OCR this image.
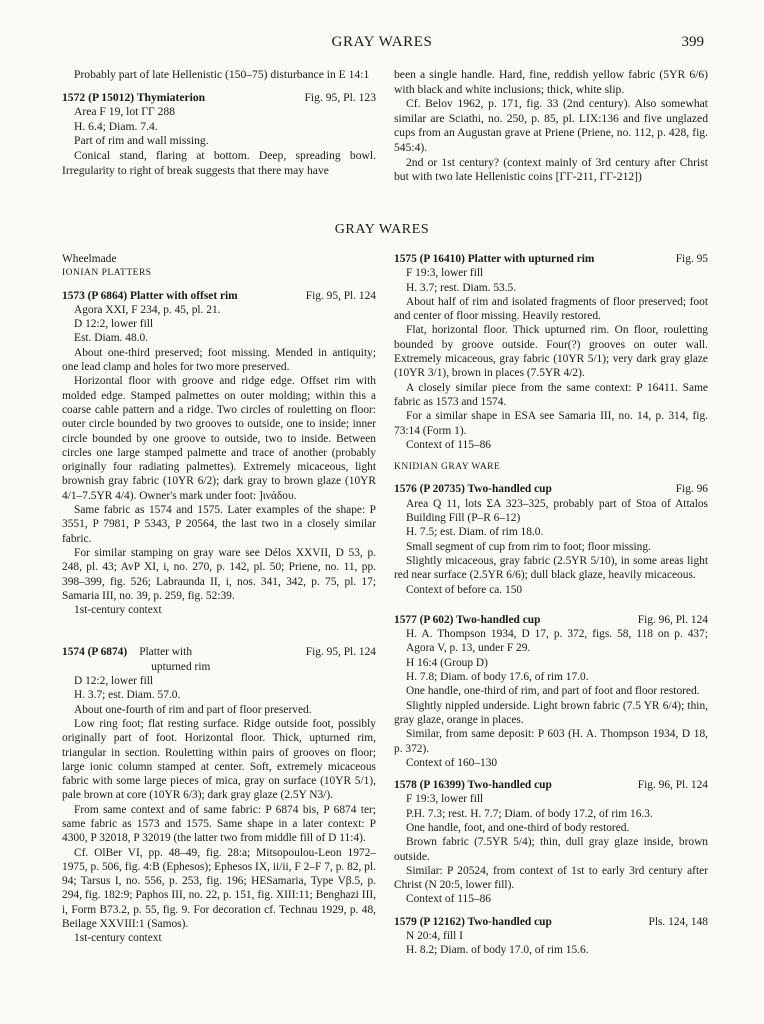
GRAY WARES	399

Probably part of late Hellenistic (150–75) disturbance in E 14:1

1572 (P 15012) Thymiaterion	Fig. 95, Pl. 123

Area F 19, lot ΓΓ 288

H. 6.4; Diam. 7.4.

Part of rim and wall missing.

Conical stand, flaring at bottom. Deep, spreading bowl. Irregularity to right of break suggests that there may have

been a single handle. Hard, fine, reddish yellow fabric (5YR 6/6) with black and white inclusions; thick, white slip.

Cf. Belov 1962, p. 171, fig. 33 (2nd century). Also somewhat similar are Sciathi, no. 250, p. 85, pl. LIX:136 and five unglazed cups from an Augustan grave at Priene (Priene, no. 112, p. 428, fig. 545:4).

2nd or 1st century? (context mainly of 3rd century after Christ but with two late Hellenistic coins [ΓΓ-211, ΓΓ-212])

GRAY WARES

Wheelmade

IONIAN PLATTERS

1573 (P 6864) Platter with offset rim	Fig. 95, Pl. 124

Agora XXI, F 234, p. 45, pl. 21.

D 12:2, lower fill

Est. Diam. 48.0.

About one-third preserved; foot missing. Mended in antiquity; one lead clamp and holes for two more preserved.

Horizontal floor with groove and ridge edge. Offset rim with molded edge. Stamped palmettes on outer molding; within this a coarse cable pattern and a ridge. Two circles of rouletting on floor: outer circle bounded by two grooves to outside, one to inside; inner circle bounded by one groove to outside, two to inside. Between circles one large stamped palmette and trace of another (probably originally four radiating palmettes). Extremely micaceous, light brownish gray fabric (10YR 6/2); dark gray to brown glaze (10YR 4/1–7.5YR 4/4). Owner's mark under foot: ]ινάδου.

Same fabric as 1574 and 1575. Later examples of the shape: P 3551, P 7981, P 5343, P 20564, the last two in a closely similar fabric.

For similar stamping on gray ware see Délos XXVII, D 53, p. 248, pl. 43; AvP XI, i, no. 270, p. 142, pl. 50; Priene, no. 11, pp. 398–399, fig. 526; Labraunda II, i, nos. 341, 342, p. 75, pl. 17; Samaria III, no. 39, p. 259, fig. 52:39.

1st-century context

1574 (P 6874) Platter with
upturned rim
Fig. 95, Pl. 124

D 12:2, lower fill

H. 3.7; est. Diam. 57.0.

About one-fourth of rim and part of floor preserved.

Low ring foot; flat resting surface. Ridge outside foot, possibly originally part of foot. Horizontal floor. Thick, upturned rim, triangular in section. Rouletting within pairs of grooves on floor; large ionic column stamped at center. Soft, extremely micaceous fabric with some large pieces of mica, gray on surface (10YR 5/1), pale brown at core (10YR 6/3); dark gray glaze (2.5Y N3/).

From same context and of same fabric: P 6874 bis, P 6874 ter; same fabric as 1573 and 1575. Same shape in a later context: P 4300, P 32018, P 32019 (the latter two from middle fill of D 11:4).

Cf. OlBer VI, pp. 48–49, fig. 28:a; Mitsopoulou-Leon 1972–1975, p. 506, fig. 4:B (Ephesos); Ephesos IX, ii/ii, F 2–F 7, p. 82, pl. 94; Tarsus I, no. 556, p. 253, fig. 196; HESamaria, Type Vβ.5, p. 294, fig. 182:9; Paphos III, no. 22, p. 151, fig. XIII:11; Benghazi III, i, Form B73.2, p. 55, fig. 9. For decoration cf. Technau 1929, p. 48, Beilage XXVIII:1 (Samos).

1st-century context

1575 (P 16410) Platter with upturned rim	Fig. 95

F 19:3, lower fill

H. 3.7; rest. Diam. 53.5.

About half of rim and isolated fragments of floor preserved; foot and center of floor missing. Heavily restored.

Flat, horizontal floor. Thick upturned rim. On floor, rouletting bounded by groove outside. Four(?) grooves on outer wall. Extremely micaceous, gray fabric (10YR 5/1); very dark gray glaze (10YR 3/1), brown in places (7.5YR 4/2).

A closely similar piece from the same context: P 16411. Same fabric as 1573 and 1574.

For a similar shape in ESA see Samaria III, no. 14, p. 314, fig. 73:14 (Form 1).

Context of 115–86

KNIDIAN GRAY WARE

1576 (P 20735) Two-handled cup	Fig. 96

Area Q 11, lots ΣΑ 323–325, probably part of Stoa of Attalos Building Fill (P–R 6–12)

H. 7.5; est. Diam. of rim 18.0.

Small segment of cup from rim to foot; floor missing.

Slightly micaceous, gray fabric (2.5YR 5/10), in some areas light red near surface (2.5YR 6/6); dull black glaze, heavily micaceous.

Context of before ca. 150

1577 (P 602) Two-handled cup	Fig. 96, Pl. 124

H. A. Thompson 1934, D 17, p. 372, figs. 58, 118 on p. 437; Agora V, p. 13, under F 29.

H 16:4 (Group D)

H. 7.8; Diam. of body 17.6, of rim 17.0.

One handle, one-third of rim, and part of foot and floor restored.

Slightly nippled underside. Light brown fabric (7.5 YR 6/4); thin, gray glaze, orange in places.

Similar, from same deposit: P 603 (H. A. Thompson 1934, D 18, p. 372).

Context of 160–130

1578 (P 16399) Two-handled cup	Fig. 96, Pl. 124

F 19:3, lower fill

P.H. 7.3; rest. H. 7.7; Diam. of body 17.2, of rim 16.3.

One handle, foot, and one-third of body restored.

Brown fabric (7.5YR 5/4); thin, dull gray glaze inside, brown outside.

Similar: P 20524, from context of 1st to early 3rd century after Christ (N 20:5, lower fill).

Context of 115–86

1579 (P 12162) Two-handled cup	Pls. 124, 148

N 20:4, fill I

H. 8.2; Diam. of body 17.0, of rim 15.6.
